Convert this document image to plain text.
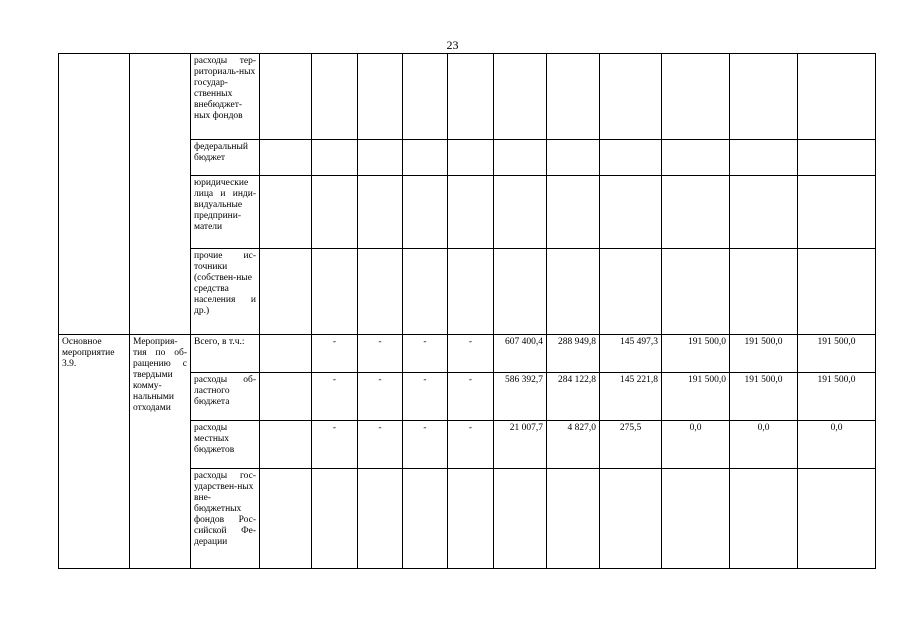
23
		расходы тер-риториаль-ных государ-ственных внебюджет-ных фондов												
		федеральный бюджет												
		юридические лица и инди-видуальные предприни-матели												
		прочие ис-точники (собствен-ные средства населения и др.)												
Основное мероприятие 3.9.	Мероприя-тия по об-ращению с твердыми комму-нальными отходами	Всего, в т.ч.:		-	-	-	-	607 400,4	288 949,8	145 497,3	191 500,0	191 500,0	191 500,0	
		расходы об-ластного бюджета		-	-	-	-	586 392,7	284 122,8	145 221,8	191 500,0	191 500,0	191 500,0	
		расходы местных бюджетов		-	-	-	-	21 007,7	4 827,0	275,5	0,0	0,0	0,0	
		расходы гос-ударствен-ных вне-бюджетных фондов Рос-сийской Фе-дерации												
